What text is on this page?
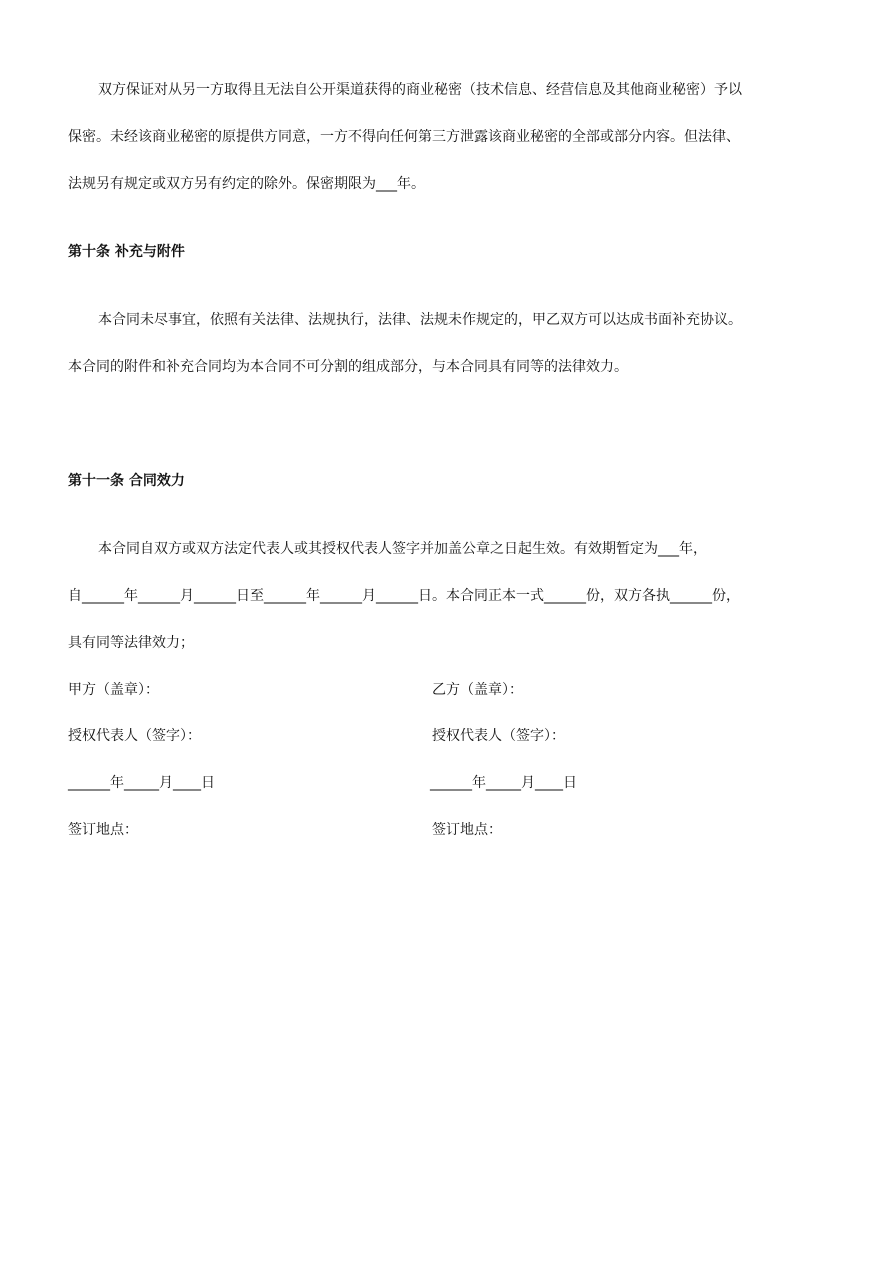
双方保证对从另一方取得且无法自公开渠道获得的商业秘密（技术信息、经营信息及其他商业秘密）予以
保密。未经该商业秘密的原提供方同意，一方不得向任何第三方泄露该商业秘密的全部或部分内容。但法律、
法规另有规定或双方另有约定的除外。保密期限为___年。
第十条 补充与附件
本合同未尽事宜，依照有关法律、法规执行，法律、法规未作规定的，甲乙双方可以达成书面补充协议。
本合同的附件和补充合同均为本合同不可分割的组成部分，与本合同具有同等的法律效力。
第十一条 合同效力
本合同自双方或双方法定代表人或其授权代表人签字并加盖公章之日起生效。有效期暂定为___年，
自______年______月______日至______年______月______日。本合同正本一式______份，双方各执______份，
具有同等法律效力；
甲方（盖章）：	乙方（盖章）：
授权代表人（签字）：	授权代表人（签字）：
______年_____月____日	______年_____月____日
签订地点：	签订地点：
